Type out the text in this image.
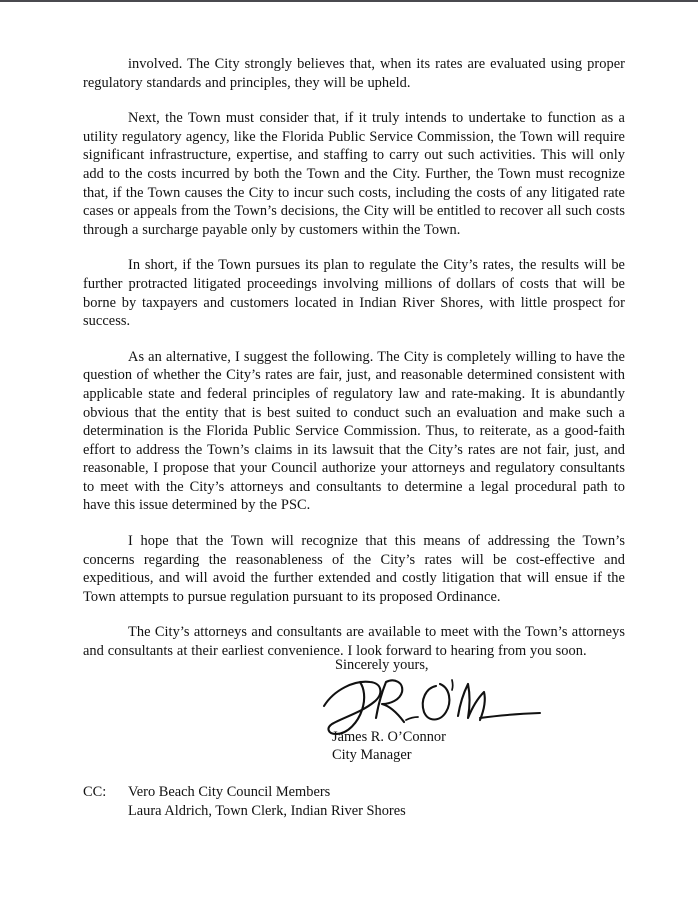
involved. The City strongly believes that, when its rates are evaluated using proper regulatory standards and principles, they will be upheld.

Next, the Town must consider that, if it truly intends to undertake to function as a utility regulatory agency, like the Florida Public Service Commission, the Town will require significant infrastructure, expertise, and staffing to carry out such activities. This will only add to the costs incurred by both the Town and the City. Further, the Town must recognize that, if the Town causes the City to incur such costs, including the costs of any litigated rate cases or appeals from the Town’s decisions, the City will be entitled to recover all such costs through a surcharge payable only by customers within the Town.

In short, if the Town pursues its plan to regulate the City’s rates, the results will be further protracted litigated proceedings involving millions of dollars of costs that will be borne by taxpayers and customers located in Indian River Shores, with little prospect for success.

As an alternative, I suggest the following. The City is completely willing to have the question of whether the City’s rates are fair, just, and reasonable determined consistent with applicable state and federal principles of regulatory law and rate-making. It is abundantly obvious that the entity that is best suited to conduct such an evaluation and make such a determination is the Florida Public Service Commission. Thus, to reiterate, as a good-faith effort to address the Town’s claims in its lawsuit that the City’s rates are not fair, just, and reasonable, I propose that your Council authorize your attorneys and regulatory consultants to meet with the City’s attorneys and consultants to determine a legal procedural path to have this issue determined by the PSC.

I hope that the Town will recognize that this means of addressing the Town’s concerns regarding the reasonableness of the City’s rates will be cost-effective and expeditious, and will avoid the further extended and costly litigation that will ensue if the Town attempts to pursue regulation pursuant to its proposed Ordinance.

The City’s attorneys and consultants are available to meet with the Town’s attorneys and consultants at their earliest convenience. I look forward to hearing from you soon.

Sincerely yours,
James R. O’Connor
City Manager
CC:	Vero Beach City Council Members
Laura Aldrich, Town Clerk, Indian River Shores
